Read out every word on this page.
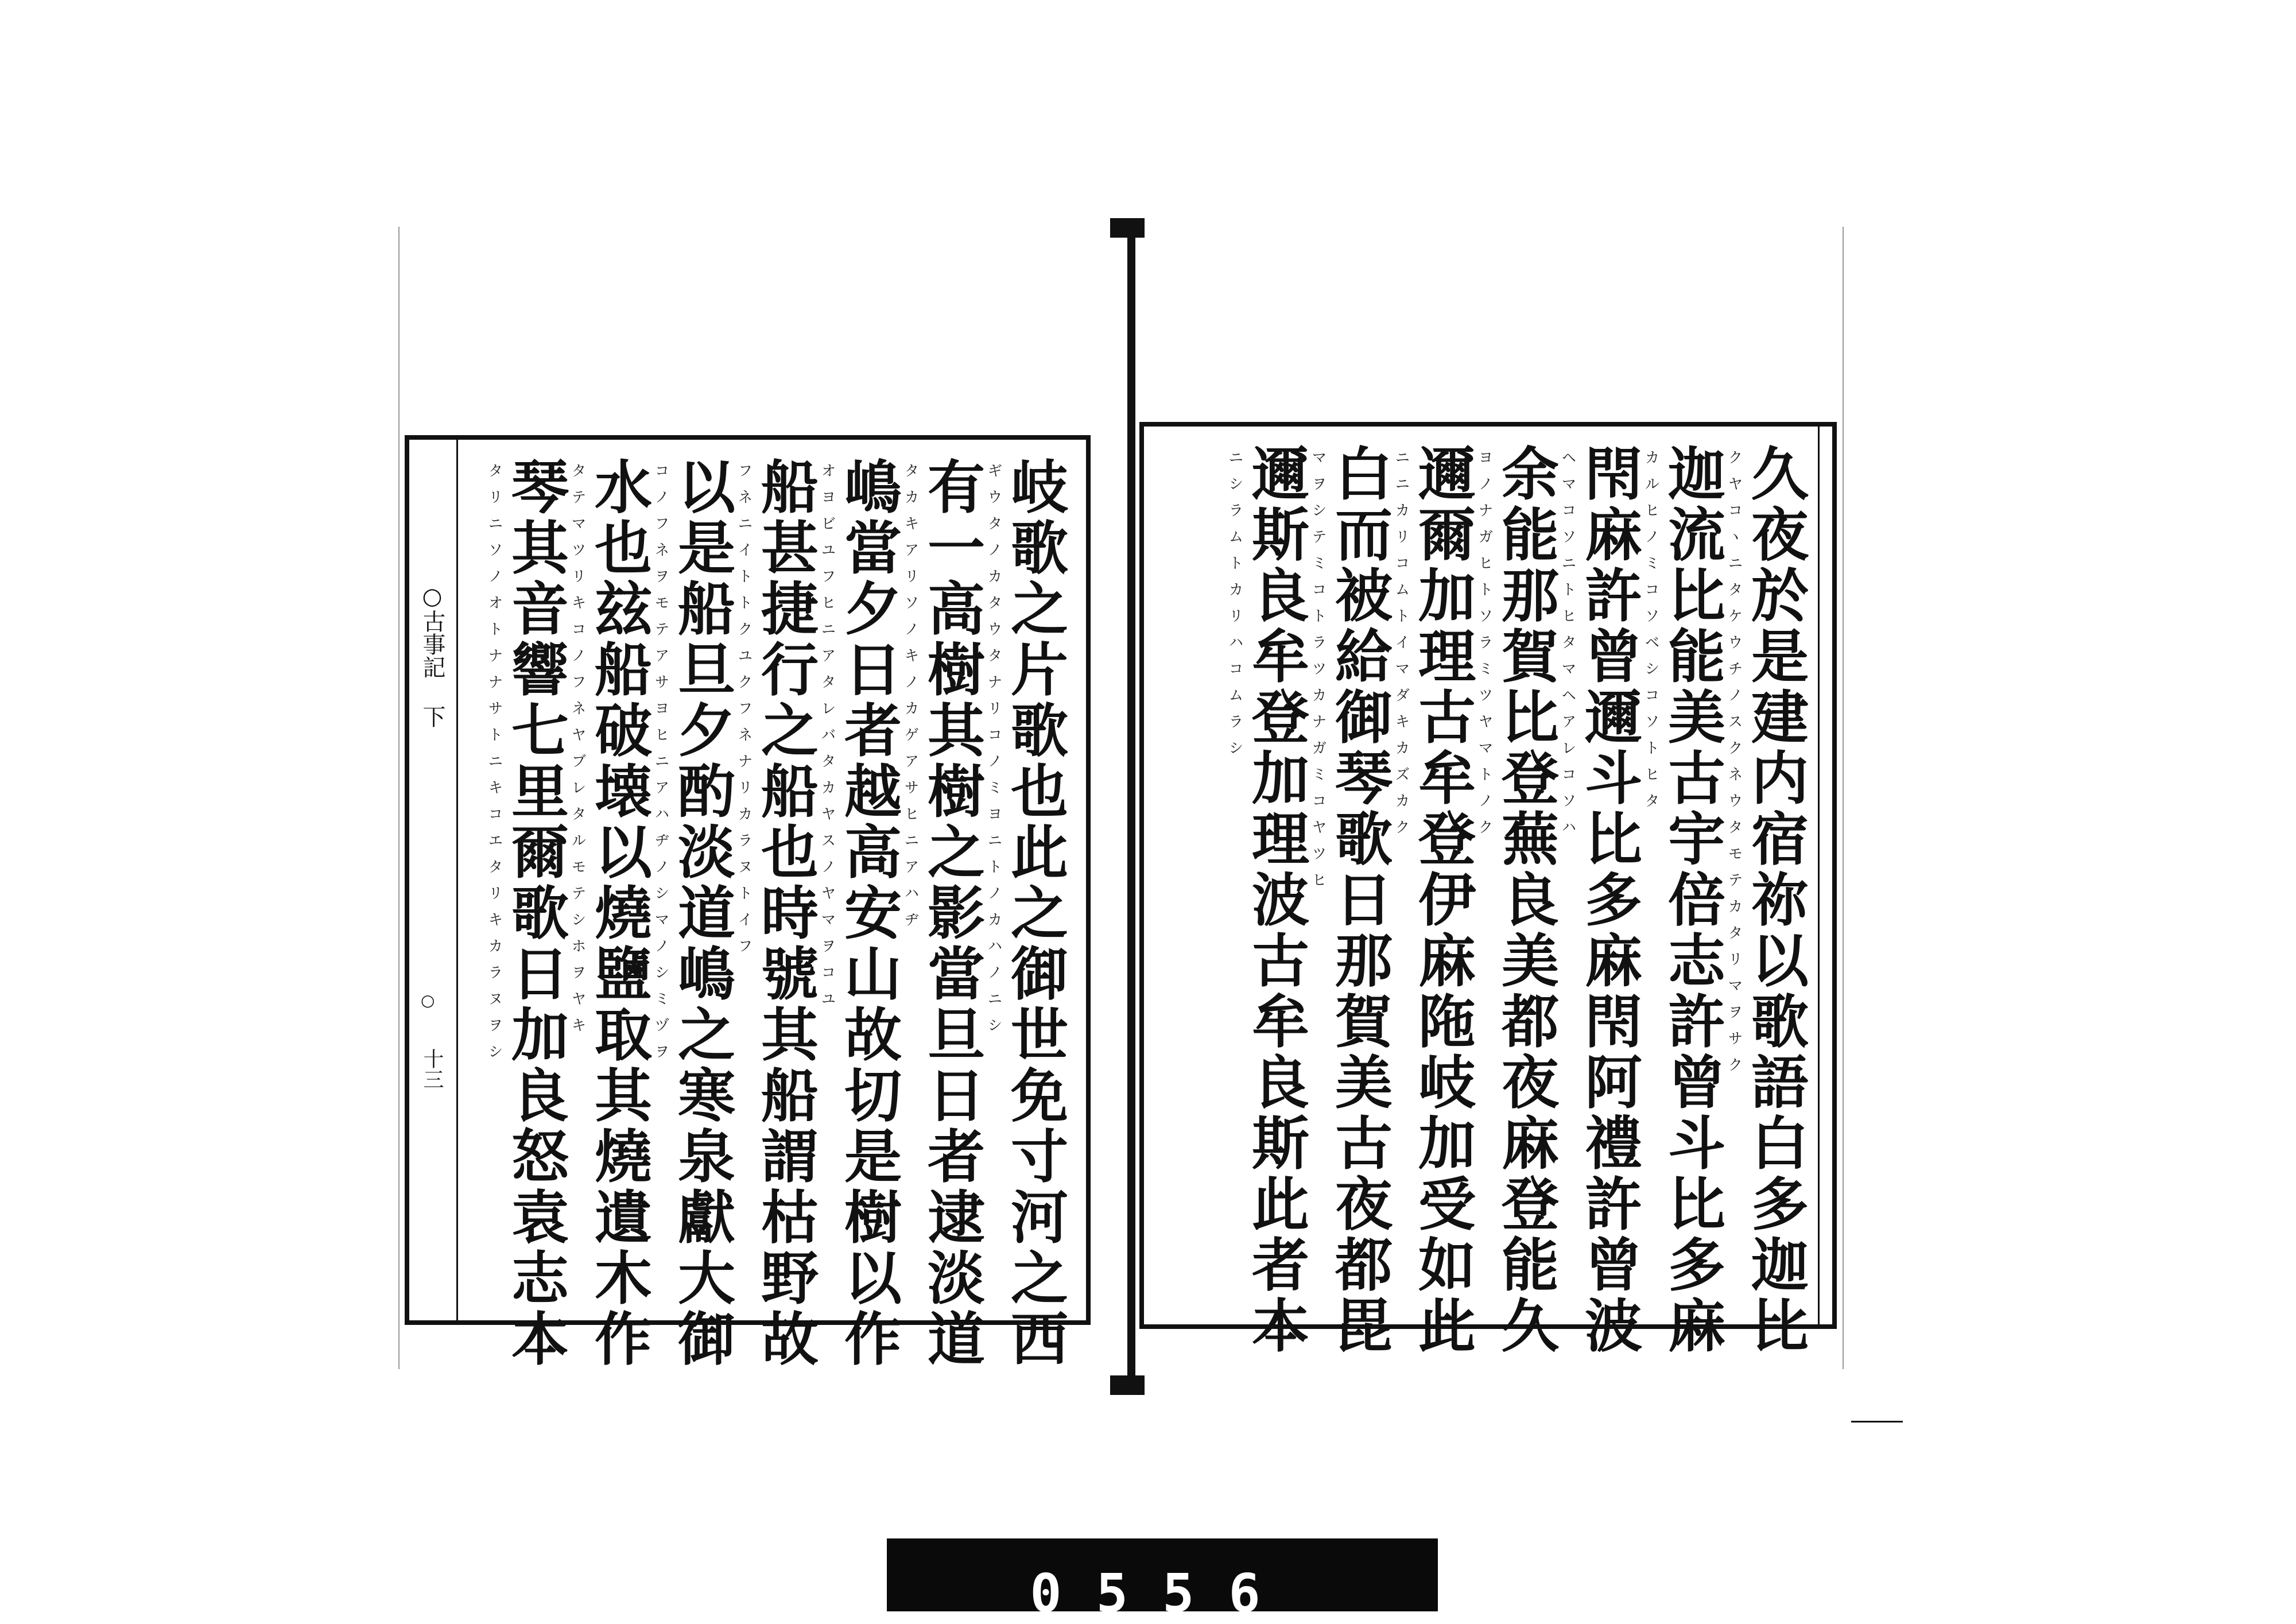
○古事記 下
○
十三	岐歌之片歌也此之御世免寸河之西
ギウタノカタウタナリコノミヨニトノカハノニシ
有一高樹其樹之影當旦日者逮淡道
タカキアリソノキノカゲアサヒニアハヂ
嶋當夕日者越高安山故切是樹以作
オヨビユフヒニアタレバタカヤスノヤマヲコユ
船甚捷行之船也時號其船謂枯野故
フネニイトトクユクフネナリカラヌトイフ
以是船旦夕酌淡道嶋之寒泉獻大御
コノフネヲモテアサヨヒニアハヂノシマノシミヅヲ
水也玆船破壊以燒鹽取其燒遺木作
タテマツリキコノフネヤブレタルモテシホヲヤキ
琴其音響七里爾歌日加良怒袁志本
タリニソノオトナナサトニキコエタリキカラヌヲシ	久夜於是建内宿祢以歌語白多迦比
クヤコヽニタケウチノスクネウタモテカタリマヲサク
迦流比能美古宇倍志許曾斗比多麻
カルヒノミコソベシコソトヒタ
閇麻許曾邇斗比多麻閇阿禮許曾波
ヘマコソニトヒタマヘアレコソハ
余能那賀比登蕪良美都夜麻登能久
ヨノナガヒトソラミツヤマトノク
邇爾加理古牟登伊麻陁岐加受如此
ニニカリコムトイマダキカズカク
白而被給御琴歌日那賀美古夜都毘
マヲシテミコトラツカナガミコヤツヒ
邇斯良牟登加理波古牟良斯此者本
ニシラムトカリハコムラシ
0556
